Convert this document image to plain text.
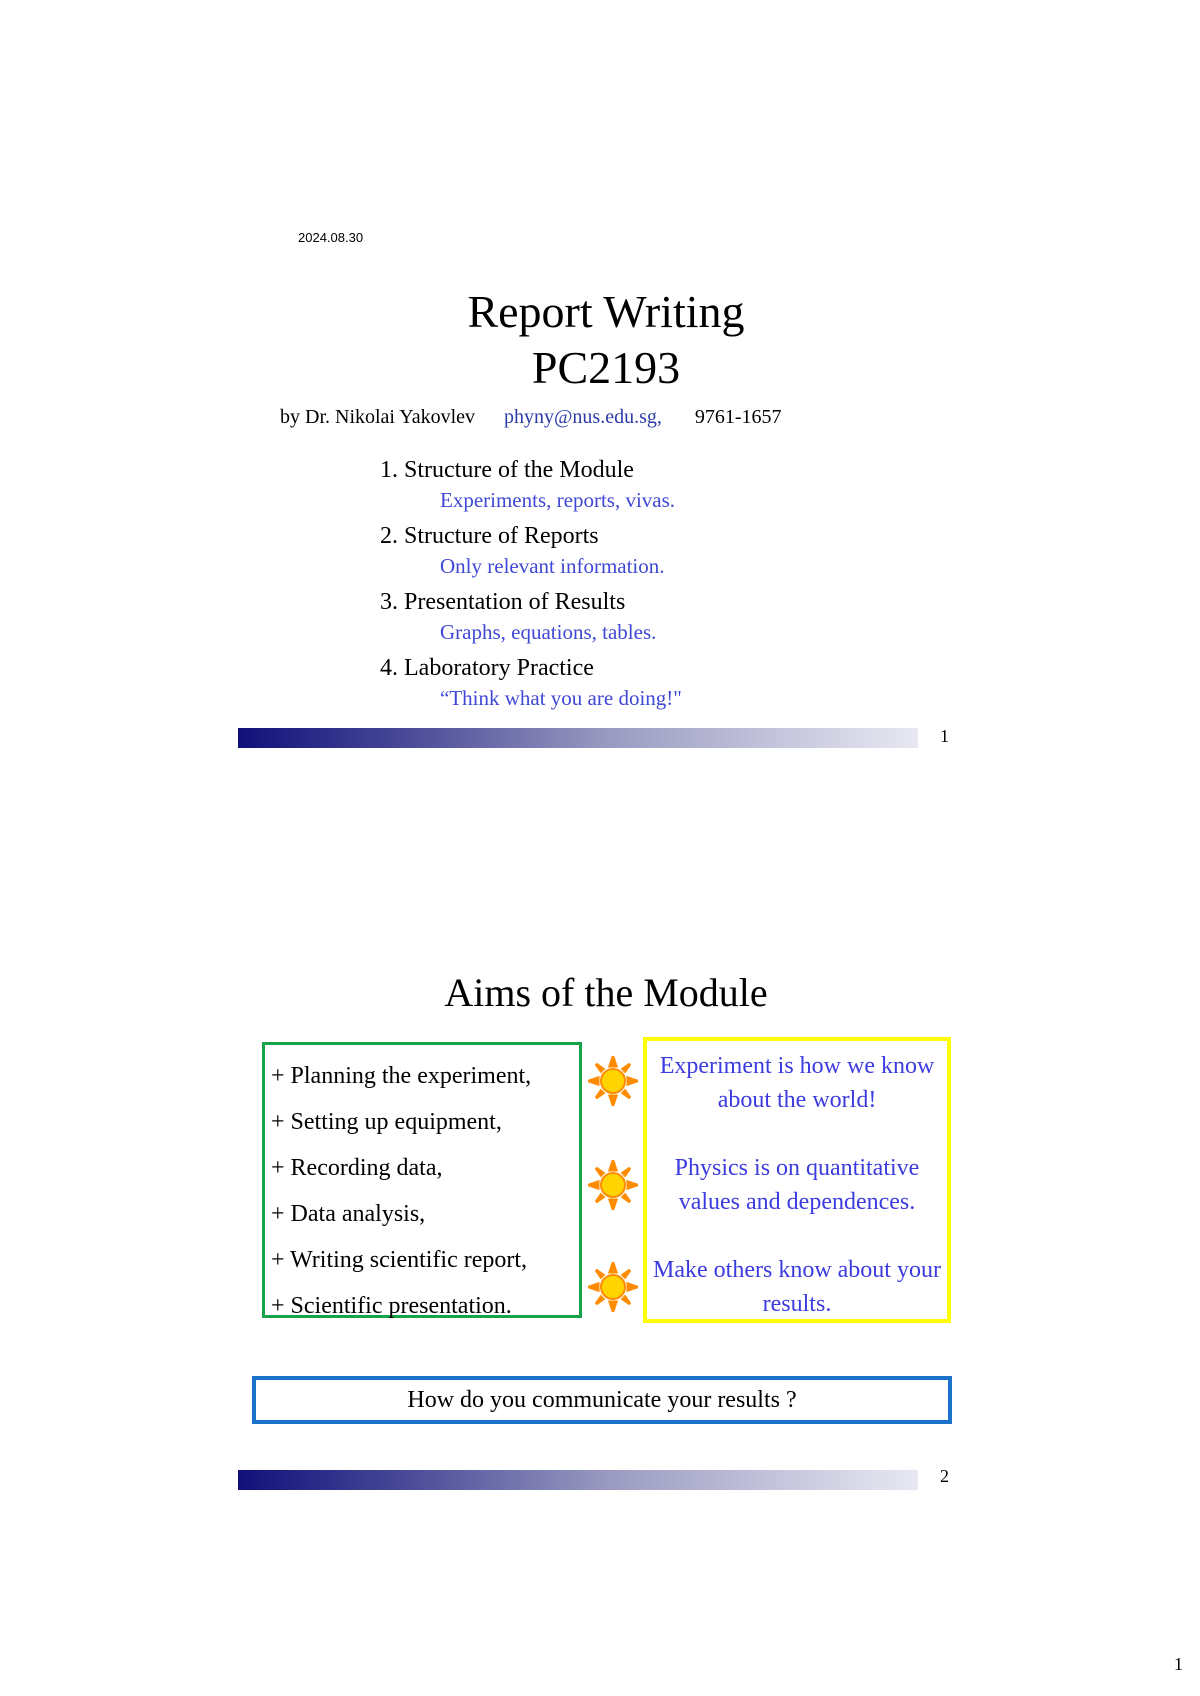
2024.08.30
Report Writing
PC2193
by Dr. Nikolai Yakovlev phyny@nus.edu.sg, 9761-1657
1. Structure of the Module
Experiments, reports, vivas.
2. Structure of Reports
Only relevant information.
3. Presentation of Results
Graphs, equations, tables.
4. Laboratory Practice
“Think what you are doing!"
1
Aims of the Module
+ Planning the experiment,
+ Setting up equipment,
+ Recording data,
+ Data analysis,
+ Writing scientific report,
+ Scientific presentation.
Experiment is how we know about the world!
Physics is on quantitative values and dependences.
Make others know about your results.
How do you communicate your results ?
2
1
